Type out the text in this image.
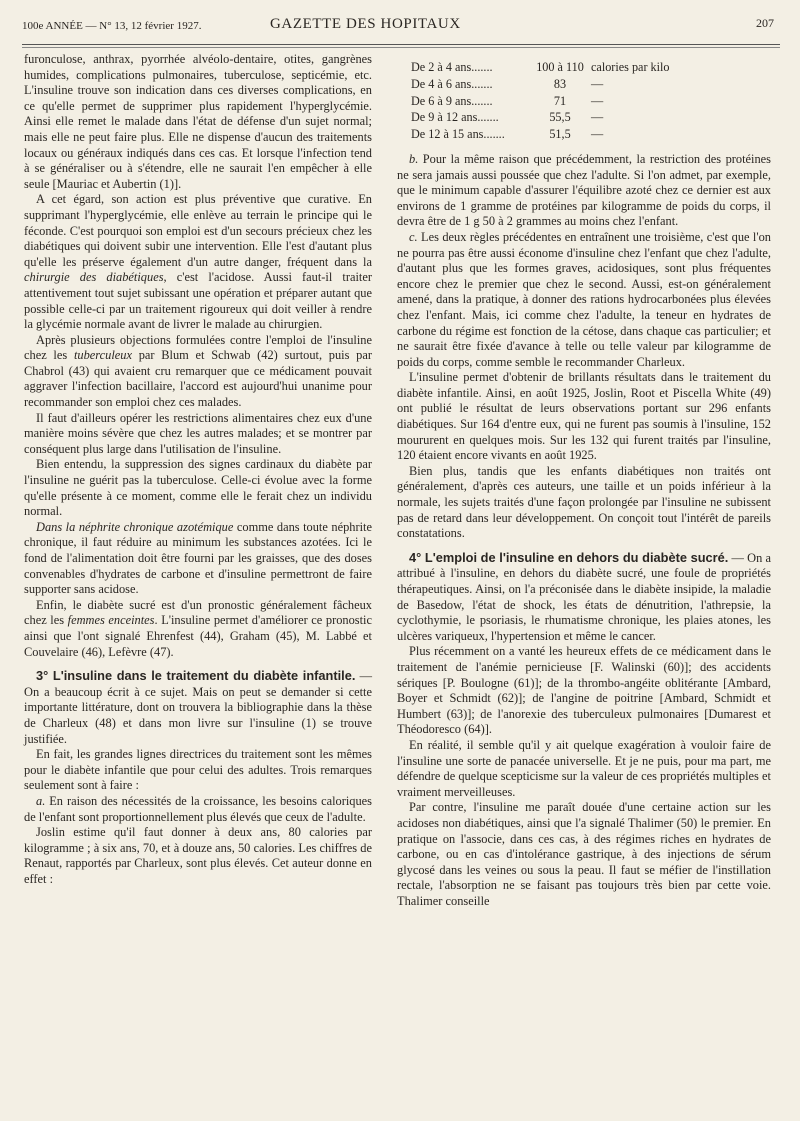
100e ANNÉE — N° 13, 12 février 1927.	GAZETTE DES HOPITAUX	207

furonculose, anthrax, pyorrhée alvéolo-dentaire, otites, gangrènes humides, complications pulmonaires, tuberculose, septicémie, etc. L'insuline trouve son indication dans ces diverses complications, en ce qu'elle permet de supprimer plus rapidement l'hyperglycémie. Ainsi elle remet le malade dans l'état de défense d'un sujet normal; mais elle ne peut faire plus. Elle ne dispense d'aucun des traitements locaux ou généraux indiqués dans ces cas. Et lorsque l'infection tend à se généraliser ou à s'étendre, elle ne saurait l'en empêcher à elle seule [Mauriac et Aubertin (1)].

A cet égard, son action est plus préventive que curative. En supprimant l'hyperglycémie, elle enlève au terrain le principe qui le féconde. C'est pourquoi son emploi est d'un secours précieux chez les diabétiques qui doivent subir une intervention. Elle l'est d'autant plus qu'elle les préserve également d'un autre danger, fréquent dans la chirurgie des diabétiques, c'est l'acidose. Aussi faut-il traiter attentivement tout sujet subissant une opération et préparer autant que possible celle-ci par un traitement rigoureux qui doit veiller à rendre la glycémie normale avant de livrer le malade au chirurgien.

Après plusieurs objections formulées contre l'emploi de l'insuline chez les tuberculeux par Blum et Schwab (42) surtout, puis par Chabrol (43) qui avaient cru remarquer que ce médicament pouvait aggraver l'infection bacillaire, l'accord est aujourd'hui unanime pour recommander son emploi chez ces malades.

Il faut d'ailleurs opérer les restrictions alimentaires chez eux d'une manière moins sévère que chez les autres malades; et se montrer par conséquent plus large dans l'utilisation de l'insuline.

Bien entendu, la suppression des signes cardinaux du diabète par l'insuline ne guérit pas la tuberculose. Celle-ci évolue avec la forme qu'elle présente à ce moment, comme elle le ferait chez un individu normal.

Dans la néphrite chronique azotémique comme dans toute néphrite chronique, il faut réduire au minimum les substances azotées. Ici le fond de l'alimentation doit être fourni par les graisses, que des doses convenables d'hydrates de carbone et d'insuline permettront de faire supporter sans acidose.

Enfin, le diabète sucré est d'un pronostic généralement fâcheux chez les femmes enceintes. L'insuline permet d'améliorer ce pronostic ainsi que l'ont signalé Ehrenfest (44), Graham (45), M. Labbé et Couvelaire (46), Lefèvre (47).

3° L'insuline dans le traitement du diabète infantile. — On a beaucoup écrit à ce sujet. Mais on peut se demander si cette importante littérature, dont on trouvera la bibliographie dans la thèse de Charleux (48) et dans mon livre sur l'insuline (1) se trouve justifiée.

En fait, les grandes lignes directrices du traitement sont les mêmes pour le diabète infantile que pour celui des adultes. Trois remarques seulement sont à faire :

a. En raison des nécessités de la croissance, les besoins caloriques de l'enfant sont proportionnellement plus élevés que ceux de l'adulte.

Joslin estime qu'il faut donner à deux ans, 80 calories par kilogramme ; à six ans, 70, et à douze ans, 50 calories. Les chiffres de Renaut, rapportés par Charleux, sont plus élevés. Cet auteur donne en effet :

De 2 à 4 ans.......	100 à 110	calories par kilo
De 4 à 6 ans.......	83	—
De 6 à 9 ans.......	71	—
De 9 à 12 ans.......	55,5	—
De 12 à 15 ans.......	51,5	—

b. Pour la même raison que précédemment, la restriction des protéines ne sera jamais aussi poussée que chez l'adulte. Si l'on admet, par exemple, que le minimum capable d'assurer l'équilibre azoté chez ce dernier est aux environs de 1 gramme de protéines par kilogramme de poids du corps, il devra être de 1 g 50 à 2 grammes au moins chez l'enfant.

c. Les deux règles précédentes en entraînent une troisième, c'est que l'on ne pourra pas être aussi économe d'insuline chez l'enfant que chez l'adulte, d'autant plus que les formes graves, acidosiques, sont plus fréquentes encore chez le premier que chez le second. Aussi, est-on généralement amené, dans la pratique, à donner des rations hydrocarbonées plus élevées chez l'enfant. Mais, ici comme chez l'adulte, la teneur en hydrates de carbone du régime est fonction de la cétose, dans chaque cas particulier; et ne saurait être fixée d'avance à telle ou telle valeur par kilogramme de poids du corps, comme semble le recommander Charleux.

L'insuline permet d'obtenir de brillants résultats dans le traitement du diabète infantile. Ainsi, en août 1925, Joslin, Root et Piscella White (49) ont publié le résultat de leurs observations portant sur 296 enfants diabétiques. Sur 164 d'entre eux, qui ne furent pas soumis à l'insuline, 152 moururent en quelques mois. Sur les 132 qui furent traités par l'insuline, 120 étaient encore vivants en août 1925.

Bien plus, tandis que les enfants diabétiques non traités ont généralement, d'après ces auteurs, une taille et un poids inférieur à la normale, les sujets traités d'une façon prolongée par l'insuline ne subissent pas de retard dans leur développement. On conçoit tout l'intérêt de pareils constatations.

4° L'emploi de l'insuline en dehors du diabète sucré. — On a attribué à l'insuline, en dehors du diabète sucré, une foule de propriétés thérapeutiques. Ainsi, on l'a préconisée dans le diabète insipide, la maladie de Basedow, l'état de shock, les états de dénutrition, l'athrepsie, la cyclothymie, le psoriasis, le rhumatisme chronique, les plaies atones, les ulcères variqueux, l'hypertension et même le cancer.

Plus récemment on a vanté les heureux effets de ce médicament dans le traitement de l'anémie pernicieuse [F. Walinski (60)]; des accidents sériques [P. Boulogne (61)]; de la thrombo-angéite oblitérante [Ambard, Boyer et Schmidt (62)]; de l'angine de poitrine [Ambard, Schmidt et Humbert (63)]; de l'anorexie des tuberculeux pulmonaires [Dumarest et Théodoresco (64)].

En réalité, il semble qu'il y ait quelque exagération à vouloir faire de l'insuline une sorte de panacée universelle. Et je ne puis, pour ma part, me défendre de quelque scepticisme sur la valeur de ces propriétés multiples et vraiment merveilleuses.

Par contre, l'insuline me paraît douée d'une certaine action sur les acidoses non diabétiques, ainsi que l'a signalé Thalimer (50) le premier. En pratique on l'associe, dans ces cas, à des régimes riches en hydrates de carbone, ou en cas d'intolérance gastrique, à des injections de sérum glycosé dans les veines ou sous la peau. Il faut se méfier de l'instillation rectale, l'absorption ne se faisant pas toujours très bien par cette voie. Thalimer conseille
